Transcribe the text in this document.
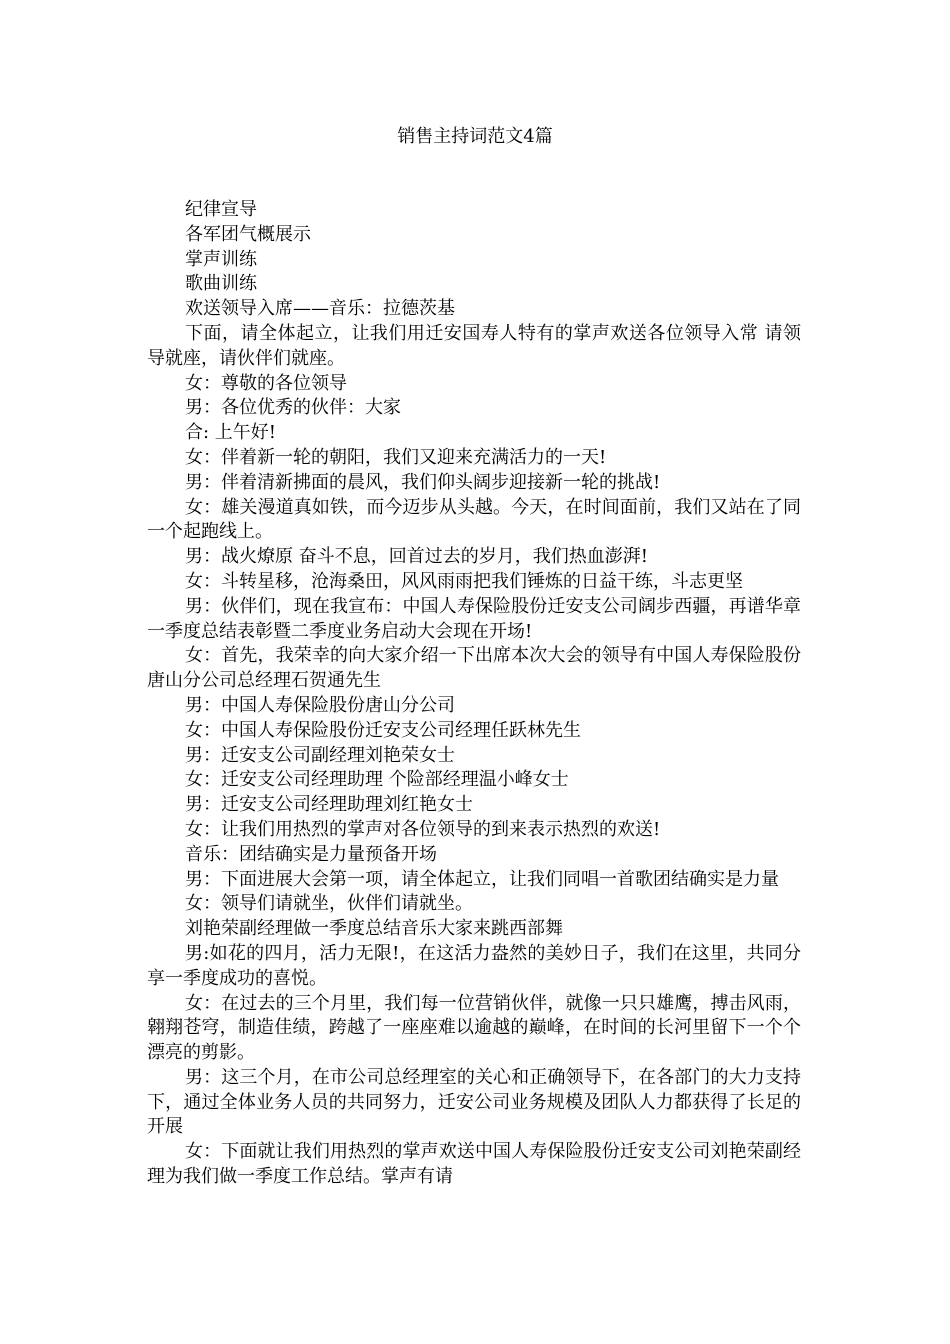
销售主持词范文4篇

纪律宣导

各军团气概展示

掌声训练

歌曲训练

欢送领导入席——音乐：拉德茨基

下面，请全体起立，让我们用迁安国寿人特有的掌声欢送各位领导入常 请领导就座，请伙伴们就座。

女：尊敬的各位领导

男：各位优秀的伙伴：大家

合: 上午好!

女：伴着新一轮的朝阳，我们又迎来充满活力的一天!

男：伴着清新拂面的晨风，我们仰头阔步迎接新一轮的挑战!

女：雄关漫道真如铁，而今迈步从头越。今天，在时间面前，我们又站在了同一个起跑线上。

男：战火燎原 奋斗不息，回首过去的岁月，我们热血澎湃!

女：斗转星移，沧海桑田，风风雨雨把我们锤炼的日益干练，斗志更坚

男：伙伴们，现在我宣布：中国人寿保险股份迁安支公司阔步西疆，再谱华章一季度总结表彰暨二季度业务启动大会现在开场!

女：首先，我荣幸的向大家介绍一下出席本次大会的领导有中国人寿保险股份唐山分公司总经理石贺通先生

男：中国人寿保险股份唐山分公司

女：中国人寿保险股份迁安支公司经理任跃林先生

男：迁安支公司副经理刘艳荣女士

女：迁安支公司经理助理 个险部经理温小峰女士

男：迁安支公司经理助理刘红艳女士

女：让我们用热烈的掌声对各位领导的到来表示热烈的欢送!

音乐：团结确实是力量预备开场

男：下面进展大会第一项，请全体起立，让我们同唱一首歌团结确实是力量

女：领导们请就坐，伙伴们请就坐。

刘艳荣副经理做一季度总结音乐大家来跳西部舞

男:如花的四月，活力无限!，在这活力盎然的美妙日子，我们在这里，共同分享一季度成功的喜悦。

女：在过去的三个月里，我们每一位营销伙伴，就像一只只雄鹰，搏击风雨，翱翔苍穹，制造佳绩，跨越了一座座难以逾越的巅峰，在时间的长河里留下一个个漂亮的剪影。

男：这三个月，在市公司总经理室的关心和正确领导下，在各部门的大力支持下，通过全体业务人员的共同努力，迁安公司业务规模及团队人力都获得了长足的开展

女：下面就让我们用热烈的掌声欢送中国人寿保险股份迁安支公司刘艳荣副经理为我们做一季度工作总结。掌声有请
